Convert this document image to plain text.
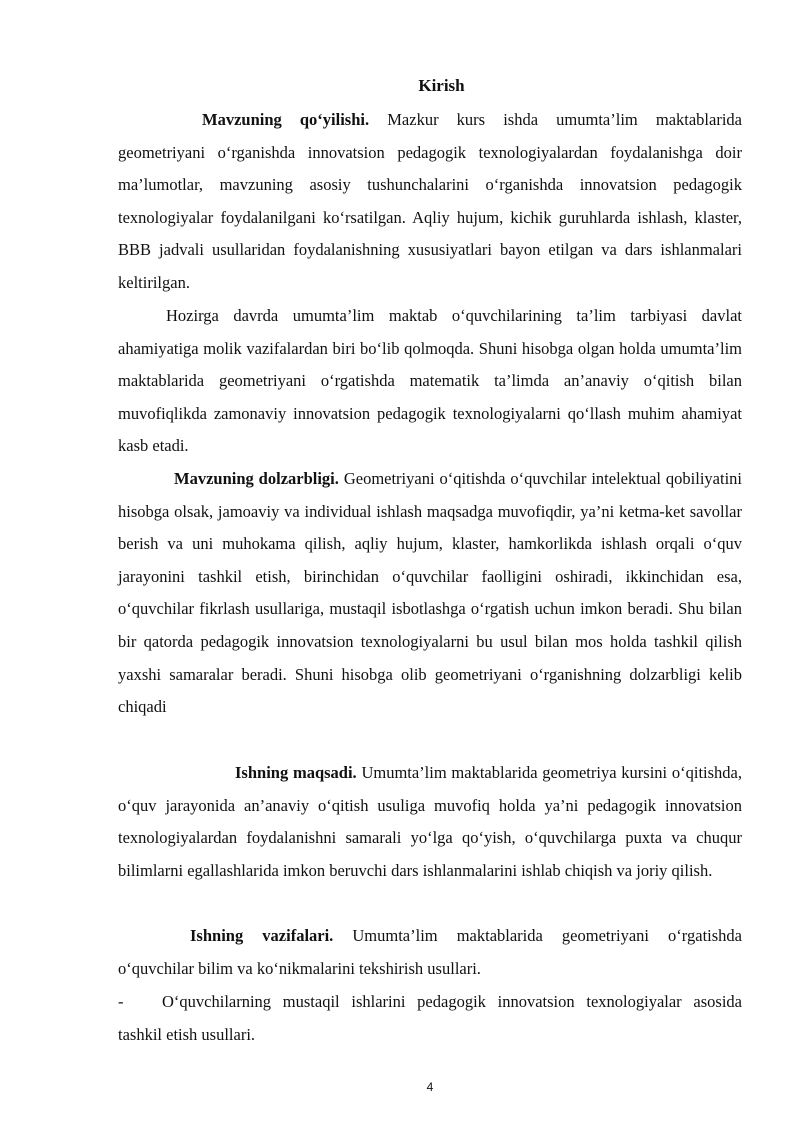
Kirish
Mavzuning qo‘yilishi. Mazkur kurs ishda umumta’lim maktablarida geometriyani o‘rganishda innovatsion pedagogik texnologiyalardan foydalanishga doir ma’lumotlar, mavzuning asosiy tushunchalarini o‘rganishda innovatsion pedagogik texnologiyalar foydalanilgani ko‘rsatilgan. Aqliy hujum, kichik guruhlarda ishlash, klaster, BBB jadvali usullaridan foydalanishning xususiyatlari bayon etilgan va dars ishlanmalari keltirilgan.
Hozirga davrda umumta’lim maktab o‘quvchilarining ta’lim tarbiyasi davlat ahamiyatiga molik vazifalardan biri bo‘lib qolmoqda. Shuni hisobga olgan holda umumta’lim maktablarida geometriyani o‘rgatishda matematik ta’limda an’anaviy o‘qitish bilan muvofiqlikda zamonaviy innovatsion pedagogik texnologiyalarni qo‘llash muhim ahamiyat kasb etadi.
Mavzuning dolzarbligi. Geometriyani o‘qitishda o‘quvchilar intelektual qobiliyatini hisobga olsak, jamoaviy va individual ishlash maqsadga muvofiqdir, ya’ni ketma-ket savollar berish va uni muhokama qilish, aqliy hujum, klaster, hamkorlikda ishlash orqali o‘quv jarayonini tashkil etish, birinchidan o‘quvchilar faolligini oshiradi, ikkinchidan esa, o‘quvchilar fikrlash usullariga, mustaqil isbotlashga o‘rgatish uchun imkon beradi. Shu bilan bir qatorda pedagogik innovatsion texnologiyalarni bu usul bilan mos holda tashkil qilish yaxshi samaralar beradi. Shuni hisobga olib geometriyani o‘rganishning dolzarbligi kelib chiqadi
Ishning maqsadi. Umumta’lim maktablarida geometriya kursini o‘qitishda, o‘quv jarayonida an’anaviy o‘qitish usuliga muvofiq holda ya’ni pedagogik innovatsion texnologiyalardan foydalanishni samarali yo‘lga qo‘yish, o‘quvchilarga puxta va chuqur bilimlarni egallashlarida imkon beruvchi dars ishlanmalarini ishlab chiqish va joriy qilish.
Ishning vazifalari. Umumta’lim maktablarida geometriyani o‘rgatishda o‘quvchilar bilim va ko‘nikmalarini tekshirish usullari.
-	O‘quvchilarning mustaqil ishlarini pedagogik innovatsion texnologiyalar asosida tashkil etish usullari.
4
